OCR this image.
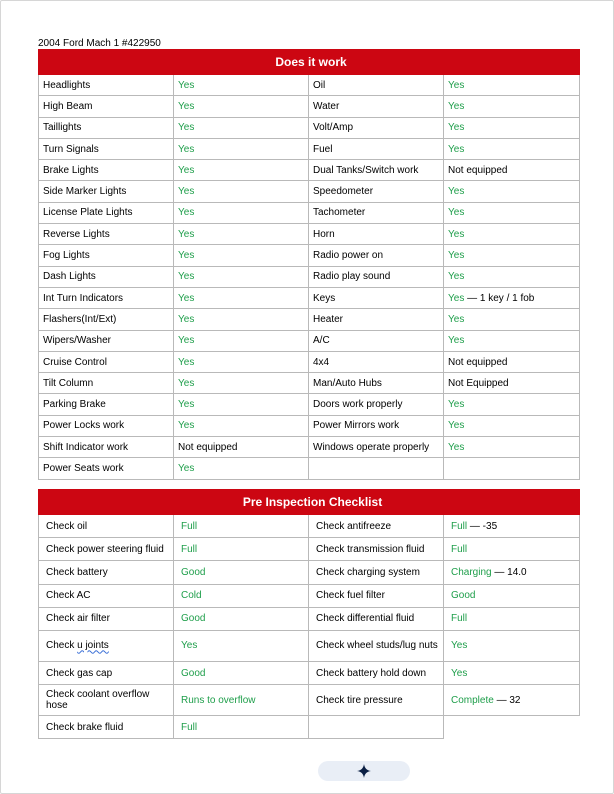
2004 Ford Mach 1 #422950
Does it work			
Headlights	Yes	Oil	Yes
High Beam	Yes	Water	Yes
Taillights	Yes	Volt/Amp	Yes
Turn Signals	Yes	Fuel	Yes
Brake Lights	Yes	Dual Tanks/Switch work	Not equipped
Side Marker Lights	Yes	Speedometer	Yes
License Plate Lights	Yes	Tachometer	Yes
Reverse Lights	Yes	Horn	Yes
Fog Lights	Yes	Radio power on	Yes
Dash Lights	Yes	Radio play sound	Yes
Int Turn Indicators	Yes	Keys	Yes — 1 key / 1 fob
Flashers(Int/Ext)	Yes	Heater	Yes
Wipers/Washer	Yes	A/C	Yes
Cruise Control	Yes	4x4	Not equipped
Tilt Column	Yes	Man/Auto Hubs	Not Equipped
Parking Brake	Yes	Doors work properly	Yes
Power Locks work	Yes	Power Mirrors work	Yes
Shift Indicator work	Not equipped	Windows operate properly	Yes
Power Seats work	Yes		
Pre Inspection Checklist			
Check oil	Full	Check antifreeze	Full — -35
Check power steering fluid	Full	Check transmission fluid	Full
Check battery	Good	Check charging system	Charging — 14.0
Check AC	Cold	Check fuel filter	Good
Check air filter	Good	Check differential fluid	Full
Check u joints	Yes	Check wheel studs/lug nuts	Yes
Check gas cap	Good	Check battery hold down	Yes
Check coolant overflow hose	Runs to overflow	Check tire pressure	Complete — 32
Check brake fluid	Full		
